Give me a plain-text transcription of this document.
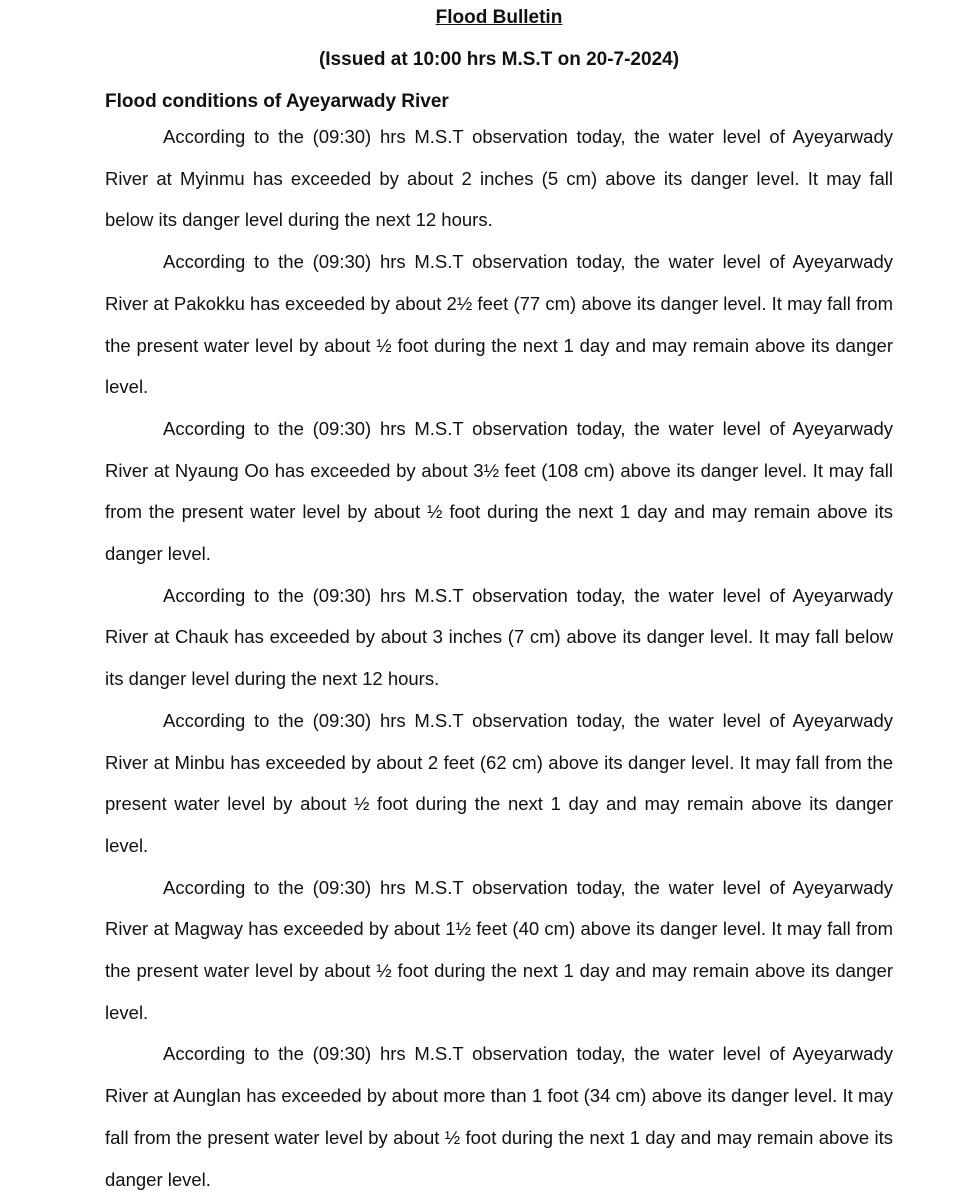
Flood Bulletin

(Issued at 10:00 hrs M.S.T on 20-7-2024)

Flood conditions of Ayeyarwady River

According to the (09:30) hrs M.S.T observation today, the water level of Ayeyarwady River at Myinmu has exceeded by about 2 inches (5 cm) above its danger level. It may fall below its danger level during the next 12 hours.

According to the (09:30) hrs M.S.T observation today, the water level of Ayeyarwady River at Pakokku has exceeded by about 2½ feet (77 cm) above its danger level. It may fall from the present water level by about ½ foot during the next 1 day and may remain above its danger level.

According to the (09:30) hrs M.S.T observation today, the water level of Ayeyarwady River at Nyaung Oo has exceeded by about 3½ feet (108 cm) above its danger level. It may fall from the present water level by about ½ foot during the next 1 day and may remain above its danger level.

According to the (09:30) hrs M.S.T observation today, the water level of Ayeyarwady River at Chauk has exceeded by about 3 inches (7 cm) above its danger level. It may fall below its danger level during the next 12 hours.

According to the (09:30) hrs M.S.T observation today, the water level of Ayeyarwady River at Minbu has exceeded by about 2 feet (62 cm) above its danger level. It may fall from the present water level by about ½ foot during the next 1 day and may remain above its danger level.

According to the (09:30) hrs M.S.T observation today, the water level of Ayeyarwady River at Magway has exceeded by about 1½ feet (40 cm) above its danger level. It may fall from the present water level by about ½ foot during the next 1 day and may remain above its danger level.

According to the (09:30) hrs M.S.T observation today, the water level of Ayeyarwady River at Aunglan has exceeded by about more than 1 foot (34 cm) above its danger level. It may fall from the present water level by about ½ foot during the next 1 day and may remain above its danger level.
